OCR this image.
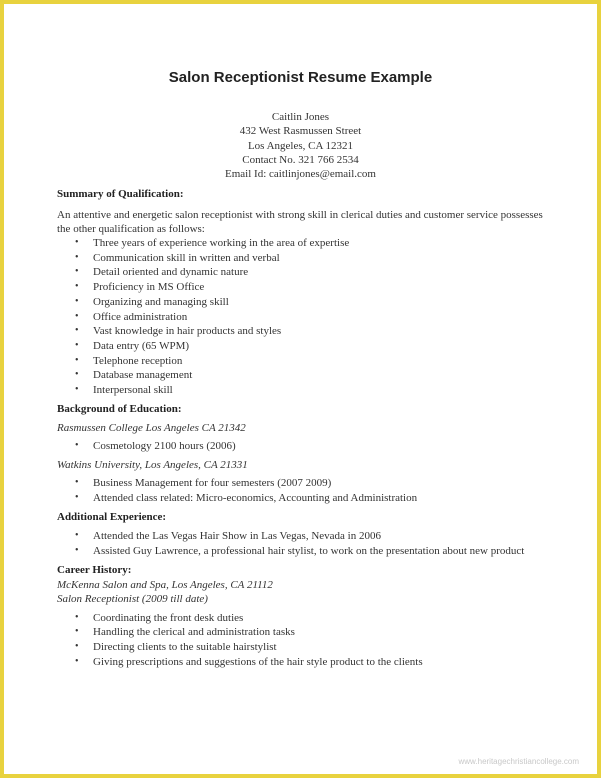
Salon Receptionist Resume Example
Caitlin Jones
432 West Rasmussen Street
Los Angeles, CA 12321
Contact No. 321 766 2534
Email Id: caitlinjones@email.com
Summary of Qualification:
An attentive and energetic salon receptionist with strong skill in clerical duties and customer service possesses the other qualification as follows:
• Three years of experience working in the area of expertise
• Communication skill in written and verbal
• Detail oriented and dynamic nature
• Proficiency in MS Office
• Organizing and managing skill
• Office administration
• Vast knowledge in hair products and styles
• Data entry (65 WPM)
• Telephone reception
• Database management
• Interpersonal skill
Background of Education:
Rasmussen College Los Angeles CA 21342
• Cosmetology 2100 hours (2006)
Watkins University, Los Angeles, CA 21331
• Business Management for four semesters (2007 2009)
• Attended class related: Micro-economics, Accounting and Administration
Additional Experience:
• Attended the Las Vegas Hair Show in Las Vegas, Nevada in 2006
• Assisted Guy Lawrence, a professional hair stylist, to work on the presentation about new product
Career History:
McKenna Salon and Spa, Los Angeles, CA 21112
Salon Receptionist (2009 till date)
• Coordinating the front desk duties
• Handling the clerical and administration tasks
• Directing clients to the suitable hairstylist
• Giving prescriptions and suggestions of the hair style product to the clients
www.heritagechristiancollege.com
